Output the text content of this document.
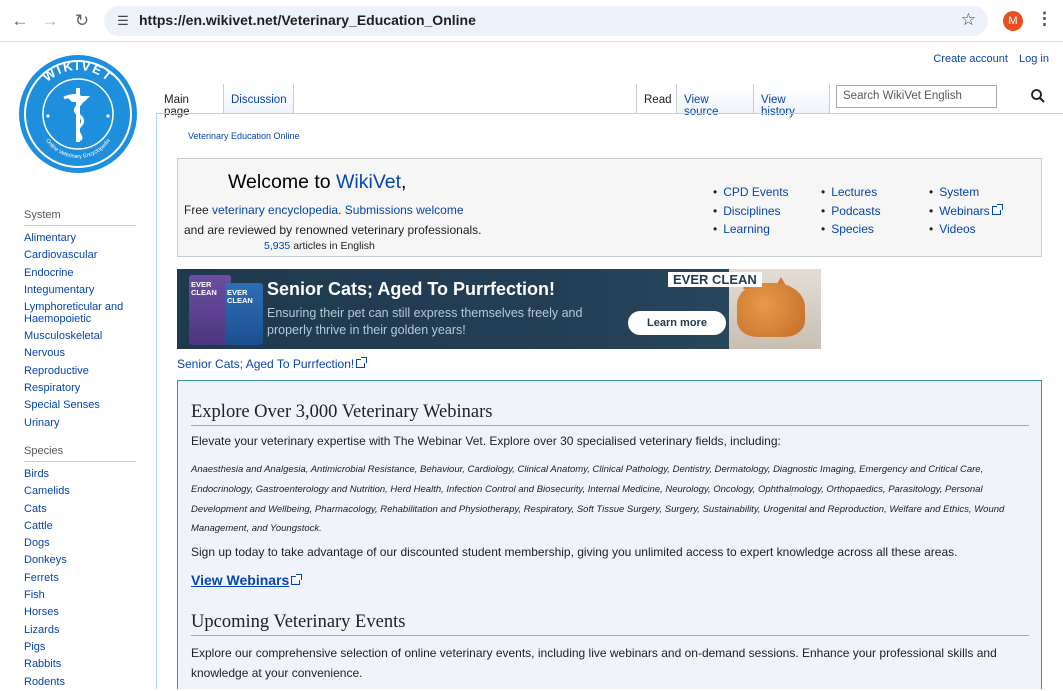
← → ↻	☰ https://en.wikivet.net/Veterinary_Education_Online	☆	M	⋮
WIKIVET
Online Veterinary Encyclopedia
System
Alimentary
Cardiovascular
Endocrine
Integumentary
Lymphoreticular and Haemopoietic
Musculoskeletal
Nervous
Reproductive
Respiratory
Special Senses
Urinary
Species
Birds
Camelids
Cats
Cattle
Dogs
Donkeys
Ferrets
Fish
Horses
Lizards
Pigs
Rabbits
Rodents
Create account Log in
Main page
Discussion	Read	View source
View history
Search WikiVet English
Veterinary Education Online
Welcome to WikiVet,
Free veterinary encyclopedia. Submissions welcome
and are reviewed by renowned veterinary professionals.
5,935 articles in English
• CPD Events
• Disciplines
• Learning
• Lectures
• Podcasts
• Species
• System
• Webinars
• Videos
EVER CLEAN	EVER CLEAN
Senior Cats; Aged To Purrfection!
Ensuring their pet can still express themselves freely and properly thrive in their golden years!
EVER CLEAN
Learn more
Senior Cats; Aged To Purrfection!
Explore Over 3,000 Veterinary Webinars
Elevate your veterinary expertise with The Webinar Vet. Explore over 30 specialised veterinary fields, including:
Anaesthesia and Analgesia, Antimicrobial Resistance, Behaviour, Cardiology, Clinical Anatomy, Clinical Pathology, Dentistry, Dermatology, Diagnostic Imaging, Emergency and Critical Care, Endocrinology, Gastroenterology and Nutrition, Herd Health, Infection Control and Biosecurity, Internal Medicine, Neurology, Oncology, Ophthalmology, Orthopaedics, Parasitology, Personal Development and Wellbeing, Pharmacology, Rehabilitation and Physiotherapy, Respiratory, Soft Tissue Surgery, Surgery, Sustainability, Urogenital and Reproduction, Welfare and Ethics, Wound Management, and Youngstock.
Sign up today to take advantage of our discounted student membership, giving you unlimited access to expert knowledge across all these areas.
View Webinars
Upcoming Veterinary Events
Explore our comprehensive selection of online veterinary events, including live webinars and on-demand sessions. Enhance your professional skills and knowledge at your convenience.
